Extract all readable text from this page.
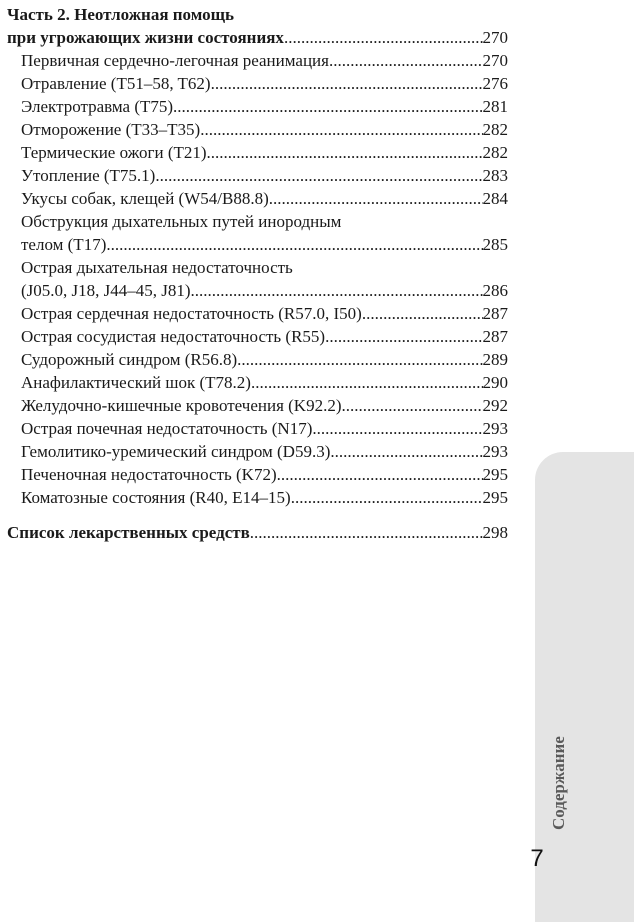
Часть 2. Неотложная помощь
при угрожающих жизни состояниях .....	270
Первичная сердечно-легочная реанимация .....	270
Отравление (T51–58, T62) .....	276
Электротравма (T75) .....	281
Отморожение (T33–T35) .....	282
Термические ожоги (T21) .....	282
Утопление (T75.1) .....	283
Укусы собак, клещей (W54/B88.8) .....	284
Обструкция дыхательных путей инородным
телом (T17) .....	285
Острая дыхательная недостаточность
(J05.0, J18, J44–45, J81) .....	286
Острая сердечная недостаточность (R57.0, I50) .....	287
Острая сосудистая недостаточность (R55) .....	287
Судорожный синдром (R56.8) .....	289
Анафилактический шок (T78.2) .....	290
Желудочно-кишечные кровотечения (K92.2) .....	292
Острая почечная недостаточность (N17) .....	293
Гемолитико-уремический синдром (D59.3) .....	293
Печеночная недостаточность (K72) .....	295
Коматозные состояния (R40, E14–15) .....	295
Список лекарственных средств .....	298
Содержание
7
